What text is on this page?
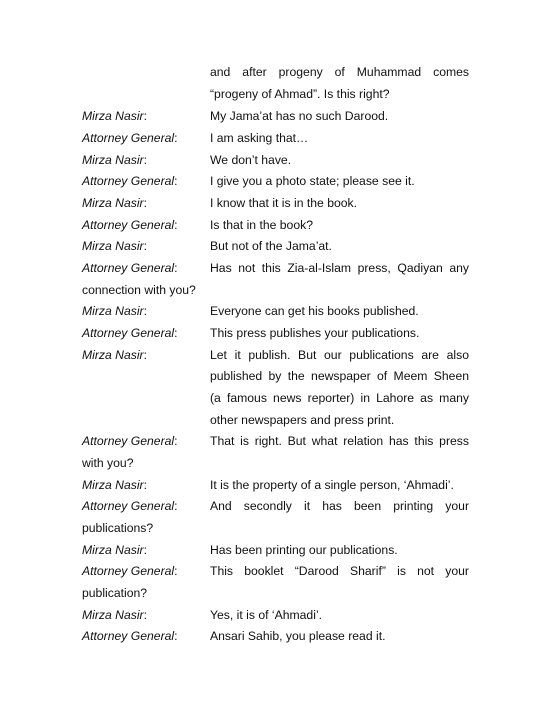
and after progeny of Muhammad comes
“progeny of Ahmad”. Is this right?
Mirza Nasir:	My Jama’at has no such Darood.
Attorney General:	I am asking that…
Mirza Nasir:	We don’t have.
Attorney General:	I give you a photo state; please see it.
Mirza Nasir:	I know that it is in the book.
Attorney General:	Is that in the book?
Mirza Nasir:	But not of the Jama’at.
Attorney General:	Has not this Zia-al-Islam press, Qadiyan any
connection with you?
Mirza Nasir:	Everyone can get his books published.
Attorney General:	This press publishes your publications.
Mirza Nasir:	Let it publish. But our publications are also
published by the newspaper of Meem Sheen
(a famous news reporter) in Lahore as many
other newspapers and press print.
Attorney General:	That is right. But what relation has this press
with you?
Mirza Nasir:	It is the property of a single person, ‘Ahmadi’.
Attorney General:	And secondly it has been printing your
publications?
Mirza Nasir:	Has been printing our publications.
Attorney General:	This booklet “Darood Sharif” is not your
publication?
Mirza Nasir:	Yes, it is of ‘Ahmadi’.
Attorney General:	Ansari Sahib, you please read it.
